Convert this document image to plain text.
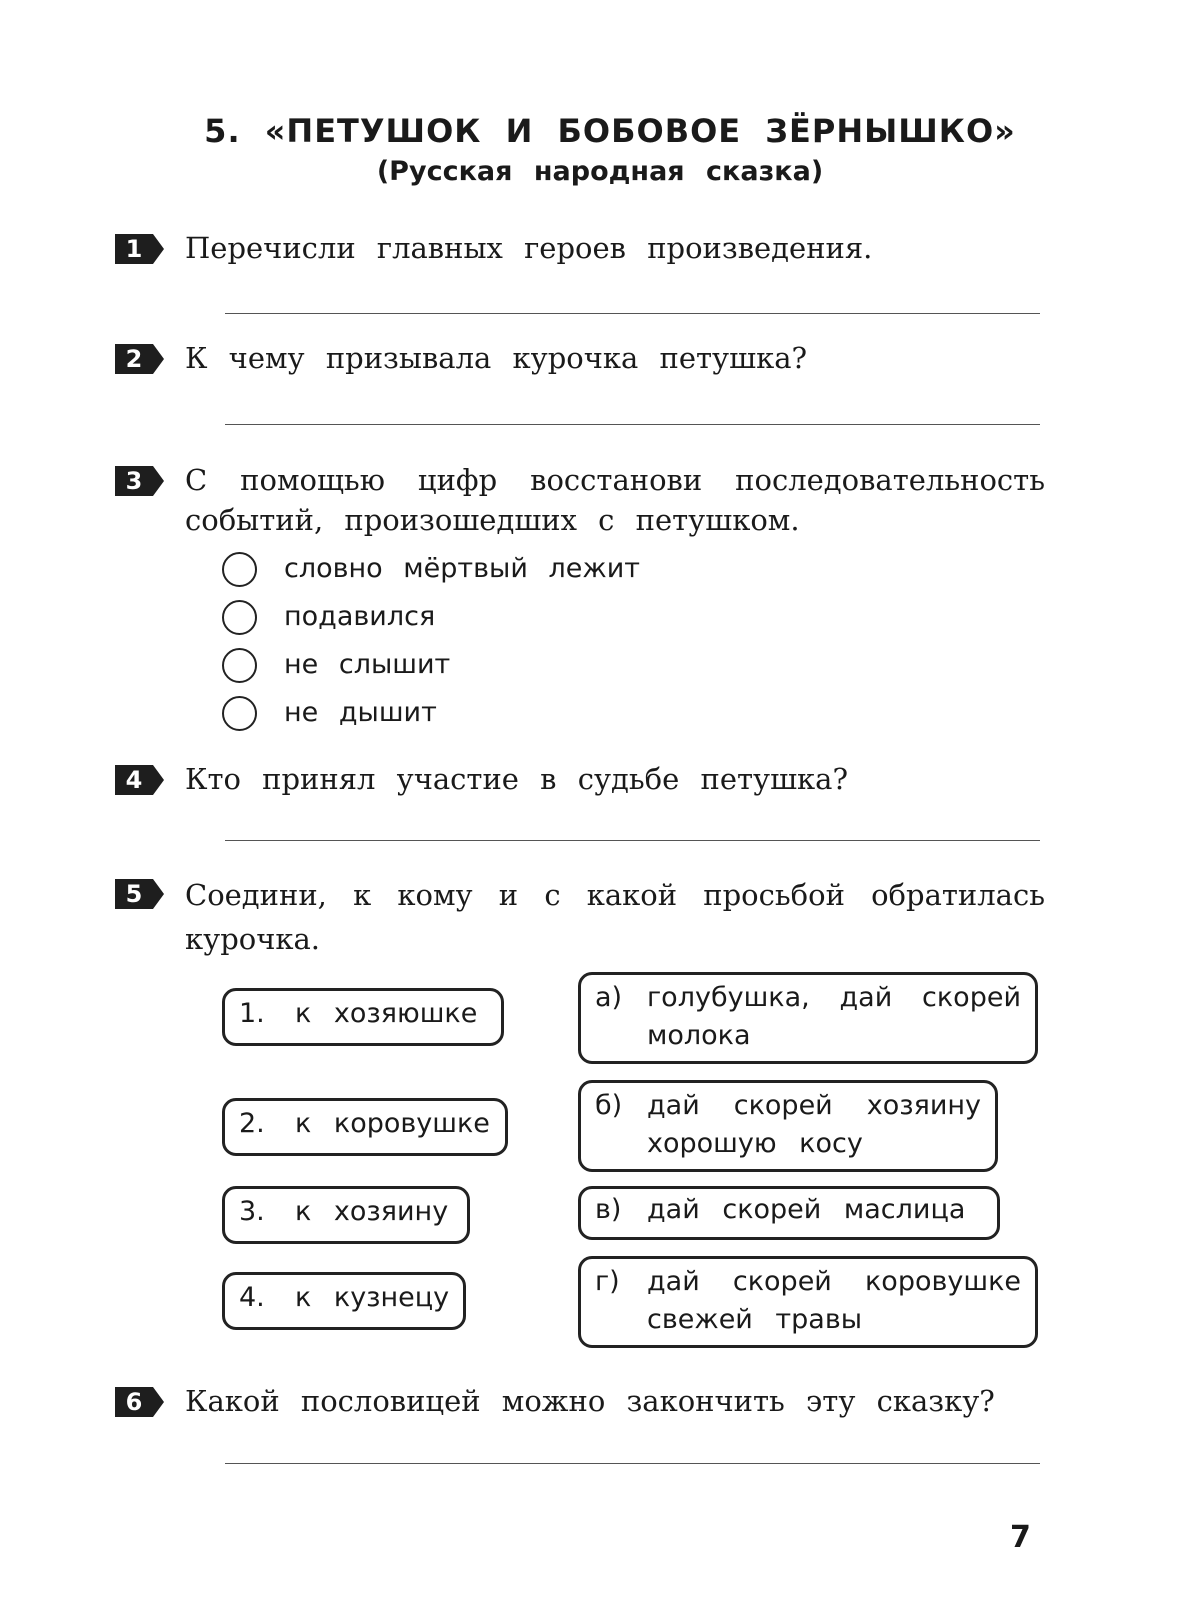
5. «ПЕТУШОК И БОБОВОЕ ЗЁРНЫШКО»
(Русская народная сказка)
1	Перечисли главных героев произведения.
2	К чему призывала курочка петушка?
3	С помощью цифр восстанови последовательность событий, произошедших с петушком.
словно мёртвый лежит
подавился
не слышит
не дышит
4	Кто принял участие в судьбе петушка?
5	Соедини, к кому и с какой просьбой обратилась курочка.
1. к хозяюшке
2. к коровушке
3. к хозяину
4. к кузнецу
а) голубушка, дай скорей молока
б) дай скорей хозяину хорошую косу
в) дай скорей маслица
г) дай скорей коровушке свежей травы
6	Какой пословицей можно закончить эту сказку?
7
